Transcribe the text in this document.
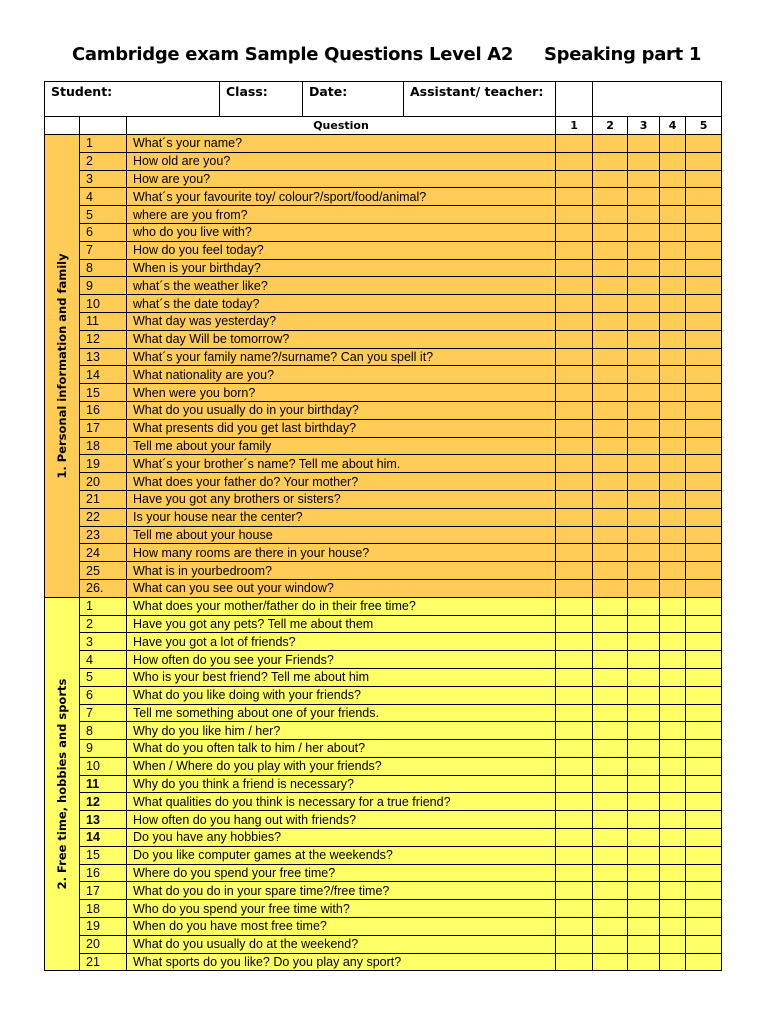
Cambridge exam Sample Questions Level A2 Speaking part 1
Student: Class: Date: Assistant/ teacher:							

		Question	1	2	3	4	5

1. Personal information and family	1	What´s your name?					
	2	How old are you?					
	3	How are you?					
	4	What´s your favourite toy/ colour?/sport/food/animal?					
	5	where are you from?					
	6	who do you live with?					
	7	How do you feel today?					
	8	When is your birthday?					
	9	what´s the weather like?					
	10	what´s the date today?					
	11	What day was yesterday?					
	12	What day Will be tomorrow?					
	13	What´s your family name?/surname? Can you spell it?					
	14	What nationality are you?					
	15	When were you born?					
	16	What do you usually do in your birthday?					
	17	What presents did you get last birthday?					
	18	Tell me about your family					
	19	What´s your brother´s name? Tell me about him.					
	20	What does your father do? Your mother?					
	21	Have you got any brothers or sisters?					
	22	Is your house near the center?					
	23	Tell me about your house					
	24	How many rooms are there in your house?					
	25	What is in yourbedroom?					
	26.	What can you see out your window?					

2. Free time, hobbies and sports	1	What does your mother/father do in their free time?					
	2	Have you got any pets? Tell me about them					
	3	Have you got a lot of friends?					
	4	How often do you see your Friends?					
	5	Who is your best friend? Tell me about him					
	6	What do you like doing with your friends?					
	7	Tell me something about one of your friends.					
	8	Why do you like him / her?					
	9	What do you often talk to him / her about?					
	10	When / Where do you play with your friends?					
	11	Why do you think a friend is necessary?					
	12	What qualities do you think is necessary for a true friend?					
	13	How often do you hang out with friends?					
	14	Do you have any hobbies?					
	15	Do you like computer games at the weekends?					
	16	Where do you spend your free time?					
	17	What do you do in your spare time?/free time?					
	18	Who do you spend your free time with?					
	19	When do you have most free time?					
	20	What do you usually do at the weekend?					
	21	What sports do you like? Do you play any sport?					
